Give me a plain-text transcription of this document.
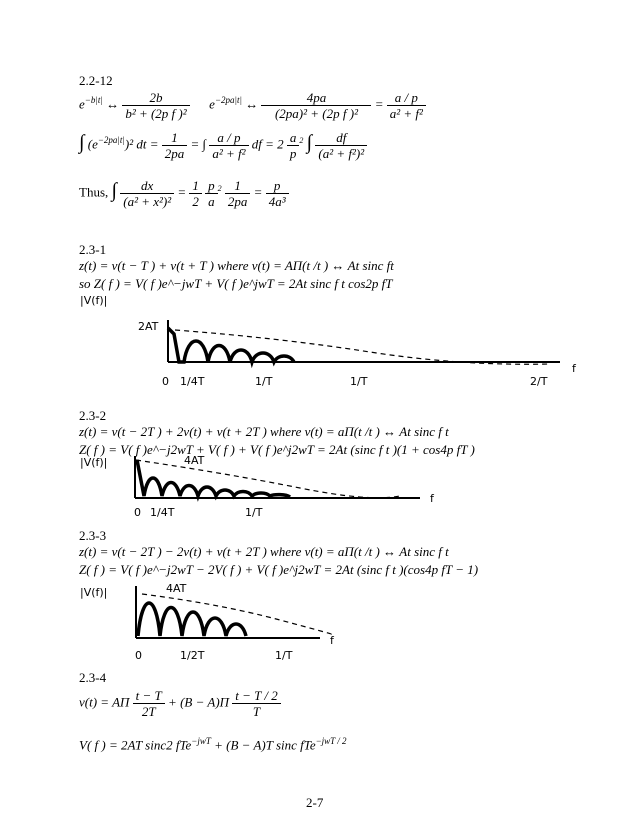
2.2-12
$e^{-b|t|}$ ↔ $\frac{2b}{\text{b² + (2p f )²}} e^{-2pa|t|}$ ↔ $\frac{4pa}{\text{(2pa)² + (2p f )²}} = \frac{a / p}{\text{a² + f²}}$
∫ $(e^{-2pa|t|})^2$ dt = $\frac{1}{2pa}$ = ∫ $\frac{a / p}{\text{a² + f²}}$ df = $2 \frac{a}{p} ^2$ ∫ $\frac{df}{\text{(a² + f²)²}}$
Thus, ∫ $\frac{dx}{\text{(a² + x²)²}} = \frac{1}{2}$
$\frac{p}{a} ^2 \frac{1}{2pa} = \frac{p}{\text{4a³}}$
2.3-1
z(t) = v(t − T ) + v(t + T ) where v(t) = AΠ(t /t ) ↔ At sinc ft
so Z( f ) = V( f )e^−jwT + V( f )e^jwT = 2At sinc f t cos2p fT
|V(f)|
2AT
0 1/4T	1/T	1/T	2/T
f
2.3-2
z(t) = v(t − 2T ) + 2v(t) + v(t + 2T ) where v(t) = aΠ(t /t ) ↔ At sinc f t
Z( f ) = V( f )e^−j2wT + V( f ) + V( f )e^j2wT = 2At (sinc f t )(1 + cos4p fT )
|V(f)|	4AT
0 1/4T	1/T
f
2.3-3
z(t) = v(t − 2T ) − 2v(t) + v(t + 2T ) where v(t) = aΠ(t /t ) ↔ At sinc f t
Z( f ) = V( f )e^−j2wT − 2V( f ) + V( f )e^j2wT = 2At (sinc f t )(cos4p fT − 1)
|V(f)|	4AT
0	1/2T	1/T
f
2.3-4
v(t) = AΠ $\frac{t - T}{2T} + (B - A)\Pi \frac{t - T / 2}{T}$
V( f ) = 2AT sinc2 fTe$^{-jwT}$ + (B − A)T sinc fTe$^{-jwT / 2}$
2-7
